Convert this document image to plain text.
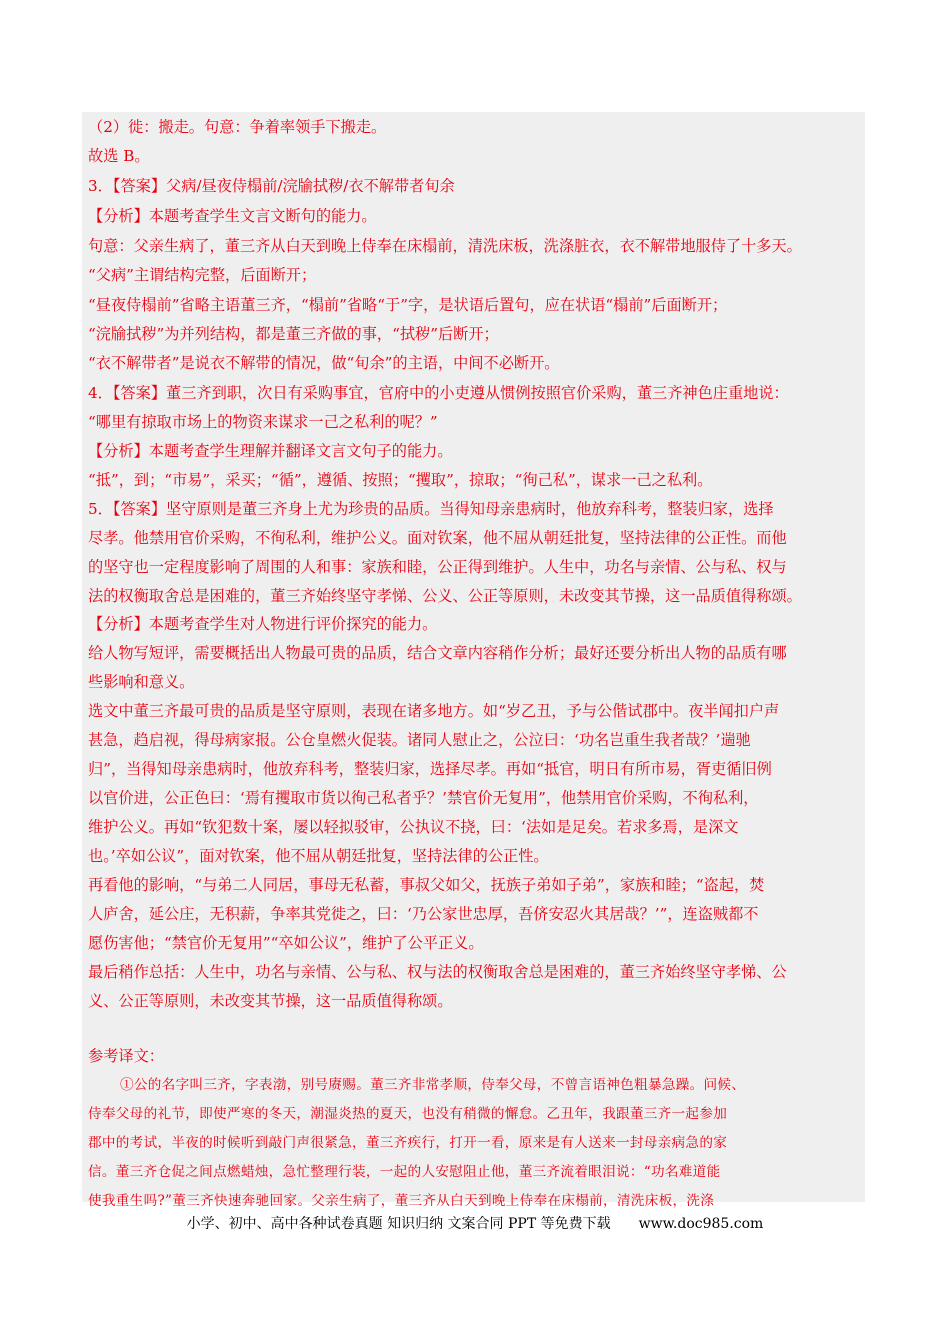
（2）徙：搬走。句意：争着率领手下搬走。
故选 B。
3．【答案】父病/昼夜侍榻前/浣牏拭秽/衣不解带者旬余
【分析】本题考查学生文言文断句的能力。
句意：父亲生病了，董三齐从白天到晚上侍奉在床榻前，清洗床板，洗涤脏衣，衣不解带地服侍了十多天。
“父病”主谓结构完整，后面断开；
“昼夜侍榻前”省略主语董三齐，“榻前”省略“于”字，是状语后置句，应在状语“榻前”后面断开；
“浣牏拭秽”为并列结构，都是董三齐做的事，“拭秽”后断开；
“衣不解带者”是说衣不解带的情况，做“旬余”的主语，中间不必断开。
4．【答案】董三齐到职，次日有采购事宜，官府中的小吏遵从惯例按照官价采购，董三齐神色庄重地说：
“哪里有掠取市场上的物资来谋求一己之私利的呢？”
【分析】本题考查学生理解并翻译文言文句子的能力。
“抵”，到；“市易”，采买；“循”，遵循、按照；“攫取”，掠取；“徇己私”，谋求一己之私利。
5．【答案】坚守原则是董三齐身上尤为珍贵的品质。当得知母亲患病时，他放弃科考，整装归家，选择
尽孝。他禁用官价采购，不徇私利，维护公义。面对钦案，他不屈从朝廷批复，坚持法律的公正性。而他
的坚守也一定程度影响了周围的人和事：家族和睦，公正得到维护。人生中，功名与亲情、公与私、权与
法的权衡取舍总是困难的，董三齐始终坚守孝悌、公义、公正等原则，未改变其节操，这一品质值得称颂。
【分析】本题考查学生对人物进行评价探究的能力。
给人物写短评，需要概括出人物最可贵的品质，结合文章内容稍作分析；最好还要分析出人物的品质有哪
些影响和意义。
选文中董三齐最可贵的品质是坚守原则，表现在诸多地方。如“岁乙丑，予与公偕试郡中。夜半闻扣户声
甚急，趋启视，得母病家报。公仓皇燃火促装。诸同人慰止之，公泣曰：‘功名岂重生我者哉？’遄驰
归”，当得知母亲患病时，他放弃科考，整装归家，选择尽孝。再如“抵官，明日有所市易，胥吏循旧例
以官价进，公正色曰：‘焉有攫取市货以徇己私者乎？’禁官价无复用”，他禁用官价采购，不徇私利，
维护公义。再如“钦犯数十案，屡以轻拟驳审，公执议不挠，曰：‘法如是足矣。若求多焉，是深文
也。’卒如公议”，面对钦案，他不屈从朝廷批复，坚持法律的公正性。
再看他的影响，“与弟二人同居，事母无私蓄，事叔父如父，抚族子弟如子弟”，家族和睦；“盗起，焚
人庐舍，延公庄，无积薪，争率其党徙之，曰：‘乃公家世忠厚，吾侪安忍火其居哉？’”，连盗贼都不
愿伤害他；“禁官价无复用”“卒如公议”，维护了公平正义。
最后稍作总括：人生中，功名与亲情、公与私、权与法的权衡取舍总是困难的，董三齐始终坚守孝悌、公
义、公正等原则，未改变其节操，这一品质值得称颂。
参考译文：
①公的名字叫三齐，字表渤，别号赓赐。董三齐非常孝顺，侍奉父母，不曾言语神色粗暴急躁。问候、
侍奉父母的礼节，即使严寒的冬天，潮湿炎热的夏天，也没有稍微的懈怠。乙丑年，我跟董三齐一起参加
郡中的考试，半夜的时候听到敲门声很紧急，董三齐疾行，打开一看，原来是有人送来一封母亲病急的家
信。董三齐仓促之间点燃蜡烛，急忙整理行装，一起的人安慰阻止他，董三齐流着眼泪说：“功名难道能
使我重生吗?”董三齐快速奔驰回家。父亲生病了，董三齐从白天到晚上侍奉在床榻前，清洗床板，洗涤
小学、初中、高中各种试卷真题 知识归纳 文案合同 PPT 等免费下载 www.doc985.com
